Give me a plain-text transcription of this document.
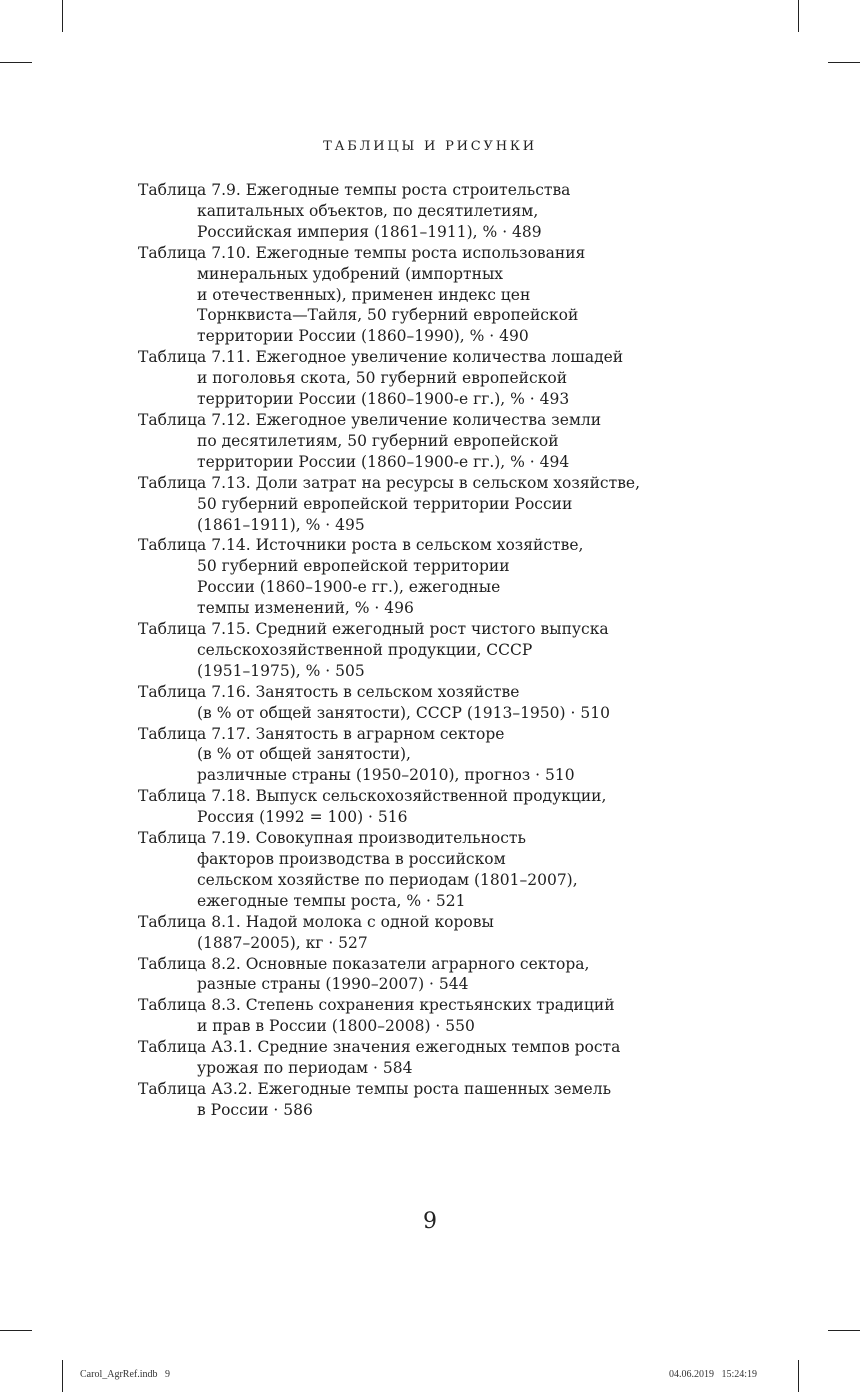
ТАБЛИЦЫ И РИСУНКИ
Таблица 7.9. Ежегодные темпы роста строительства
капитальных объектов, по десятилетиям,
Российская империя (1861–1911), % · 489
Таблица 7.10. Ежегодные темпы роста использования
минеральных удобрений (импортных
и отечественных), применен индекс цен
Торнквиста—Тайля, 50 губерний европейской
территории России (1860–1990), % · 490
Таблица 7.11. Ежегодное увеличение количества лошадей
и поголовья скота, 50 губерний европейской
территории России (1860–1900-е гг.), % · 493
Таблица 7.12. Ежегодное увеличение количества земли
по десятилетиям, 50 губерний европейской
территории России (1860–1900-е гг.), % · 494
Таблица 7.13. Доли затрат на ресурсы в сельском хозяйстве,
50 губерний европейской территории России
(1861–1911), % · 495
Таблица 7.14. Источники роста в сельском хозяйстве,
50 губерний европейской территории
России (1860–1900-е гг.), ежегодные
темпы изменений, % · 496
Таблица 7.15. Средний ежегодный рост чистого выпуска
сельскохозяйственной продукции, СССР
(1951–1975), % · 505
Таблица 7.16. Занятость в сельском хозяйстве
(в % от общей занятости), СССР (1913–1950) · 510
Таблица 7.17. Занятость в аграрном секторе
(в % от общей занятости),
различные страны (1950–2010), прогноз · 510
Таблица 7.18. Выпуск сельскохозяйственной продукции,
Россия (1992 = 100) · 516
Таблица 7.19. Совокупная производительность
факторов производства в российском
сельском хозяйстве по периодам (1801–2007),
ежегодные темпы роста, % · 521
Таблица 8.1. Надой молока с одной коровы
(1887–2005), кг · 527
Таблица 8.2. Основные показатели аграрного сектора,
разные страны (1990–2007) · 544
Таблица 8.3. Степень сохранения крестьянских традиций
и прав в России (1800–2008) · 550
Таблица А3.1. Средние значения ежегодных темпов роста
урожая по периодам · 584
Таблица А3.2. Ежегодные темпы роста пашенных земель
в России · 586
9
Carol_AgrRef.indb   9	04.06.2019   15:24:19
